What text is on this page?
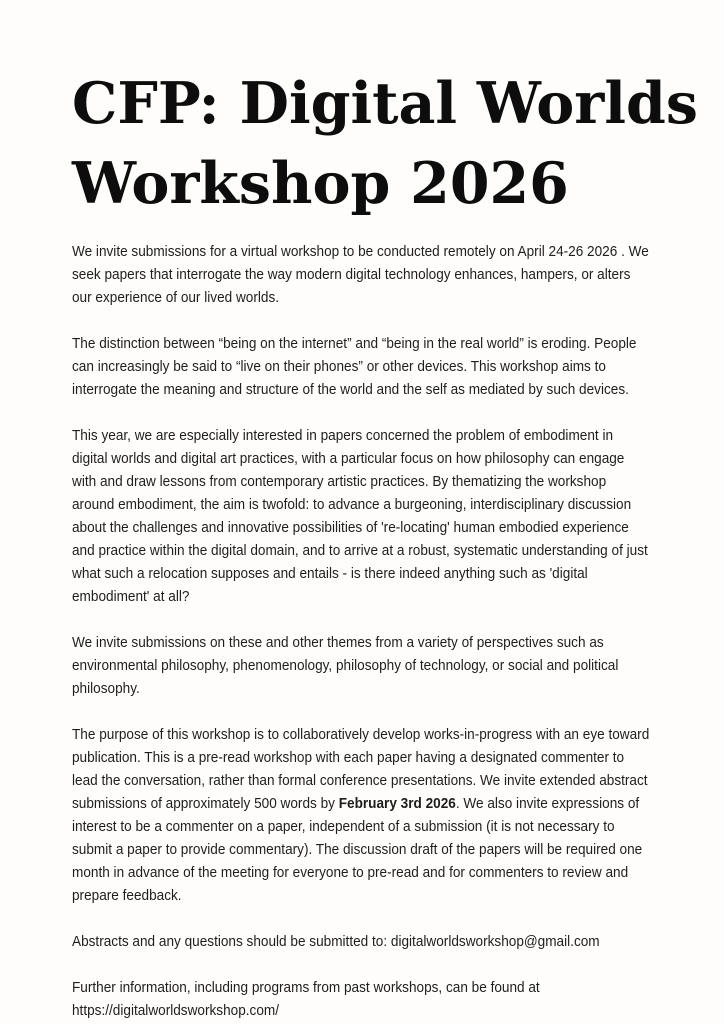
CFP: Digital Worlds
Workshop 2026

We invite submissions for a virtual workshop to be conducted remotely on April 24-26 2026 . We seek papers that interrogate the way modern digital technology enhances, hampers, or alters our experience of our lived worlds.

The distinction between “being on the internet” and “being in the real world” is eroding. People can increasingly be said to “live on their phones” or other devices. This workshop aims to interrogate the meaning and structure of the world and the self as mediated by such devices.

This year, we are especially interested in papers concerned the problem of embodiment in digital worlds and digital art practices, with a particular focus on how philosophy can engage with and draw lessons from contemporary artistic practices. By thematizing the workshop around embodiment, the aim is twofold: to advance a burgeoning, interdisciplinary discussion about the challenges and innovative possibilities of 're-locating' human embodied experience and practice within the digital domain, and to arrive at a robust, systematic understanding of just what such a relocation supposes and entails - is there indeed anything such as 'digital embodiment' at all?

We invite submissions on these and other themes from a variety of perspectives such as environmental philosophy, phenomenology, philosophy of technology, or social and political philosophy.

The purpose of this workshop is to collaboratively develop works-in-progress with an eye toward publication. This is a pre-read workshop with each paper having a designated commenter to lead the conversation, rather than formal conference presentations. We invite extended abstract submissions of approximately 500 words by February 3rd 2026. We also invite expressions of interest to be a commenter on a paper, independent of a submission (it is not necessary to submit a paper to provide commentary). The discussion draft of the papers will be required one month in advance of the meeting for everyone to pre-read and for commenters to review and prepare feedback.

Abstracts and any questions should be submitted to: digitalworldsworkshop@gmail.com

Further information, including programs from past workshops, can be found at https://digitalworldsworkshop.com/
